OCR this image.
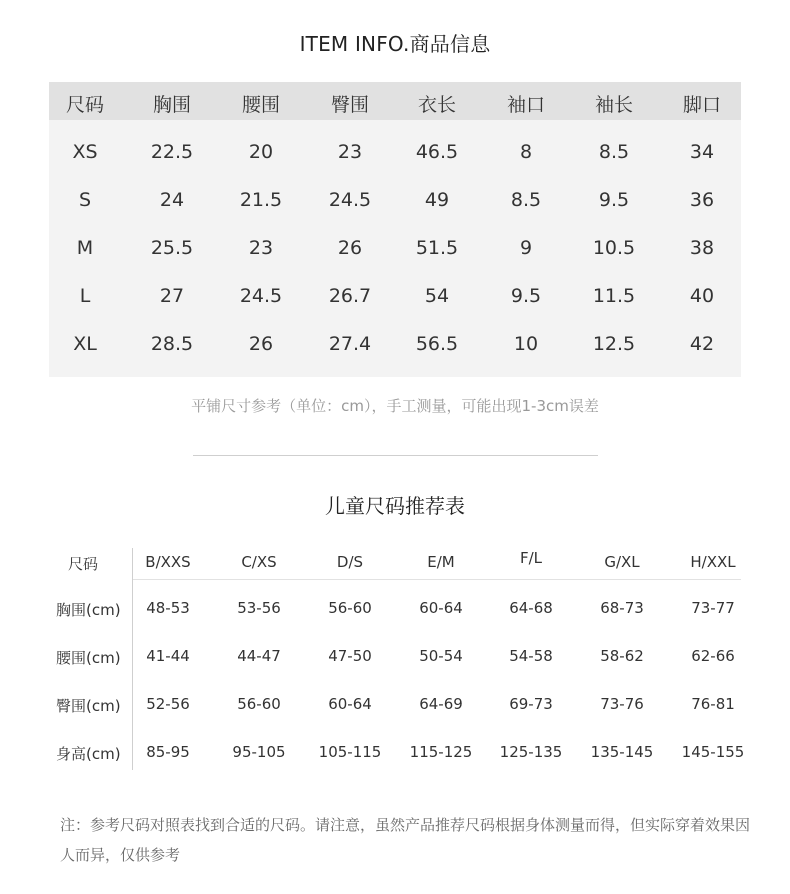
ITEM INFO.商品信息
尺码	胸围	腰围	臀围	衣长	袖口	袖长	脚口
XS	22.5	20	23	46.5	8	8.5	34
S	24	21.5	24.5	49	8.5	9.5	36
M	25.5	23	26	51.5	9	10.5	38
L	27	24.5	26.7	54	9.5	11.5	40
XL	28.5	26	27.4	56.5	10	12.5	42
平铺尺寸参考（单位：cm），手工测量，可能出现1-3cm误差
儿童尺码推荐表
尺码	B/XXS	C/XS	D/S	E/M	F/L	G/XL	H/XXL
胸围(cm)	48-53	53-56	56-60	60-64	64-68	68-73	73-77
腰围(cm)	41-44	44-47	47-50	50-54	54-58	58-62	62-66
臀围(cm)	52-56	56-60	60-64	64-69	69-73	73-76	76-81
身高(cm)	85-95	95-105	105-115	115-125	125-135	135-145	145-155
注：参考尺码对照表找到合适的尺码。请注意，虽然产品推荐尺码根据身体测量而得，但实际穿着效果因人而异，仅供参考
